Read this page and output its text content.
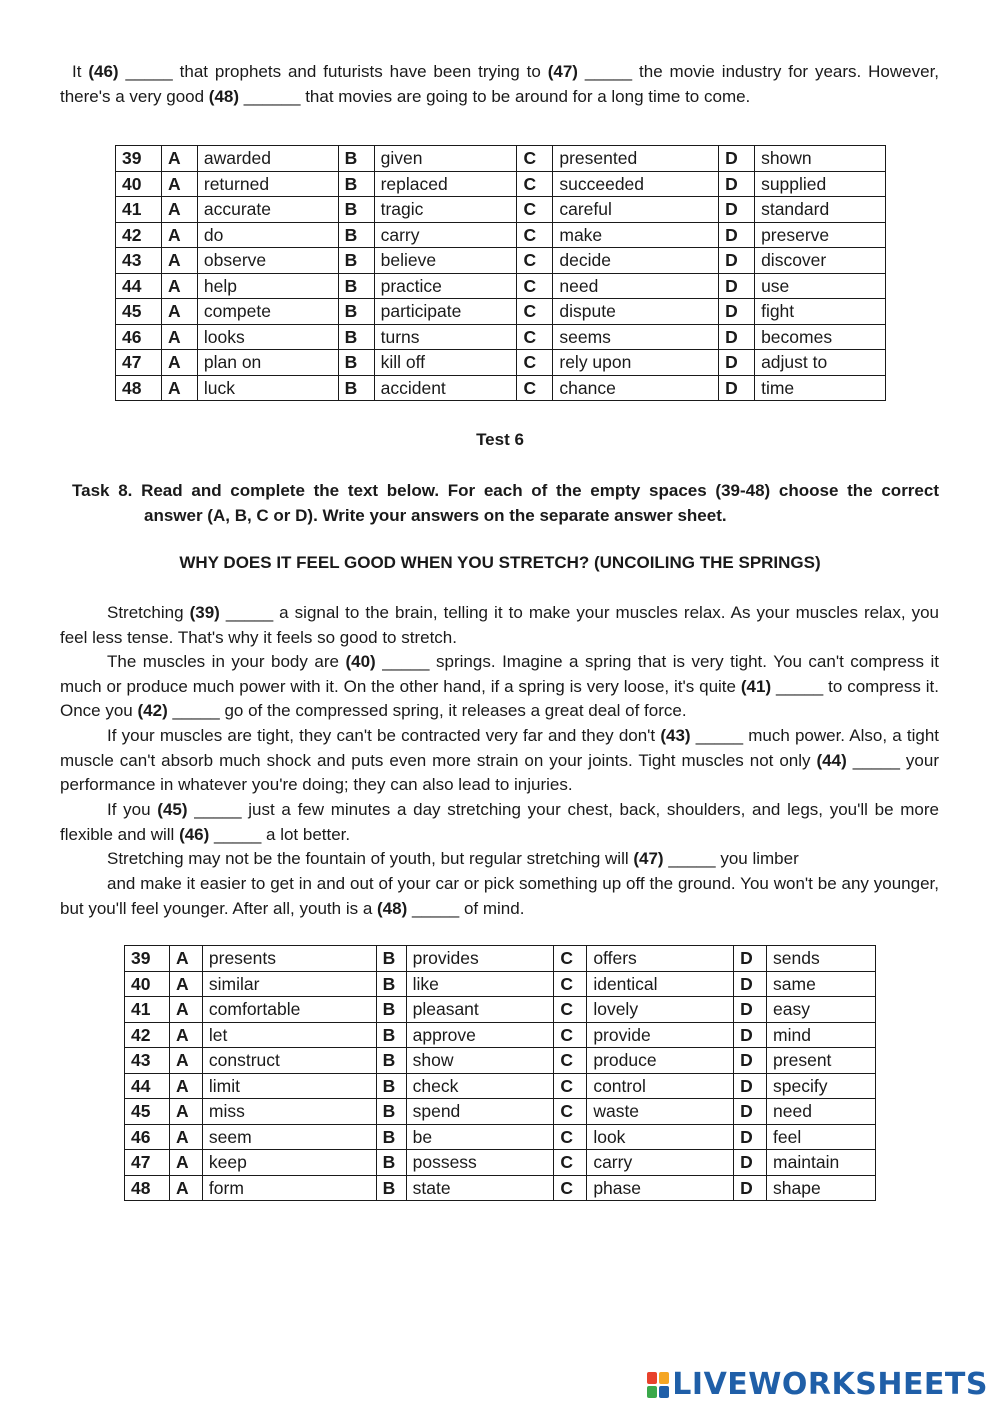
It (46) _____ that prophets and futurists have been trying to (47) _____ the movie industry for years. However, there's a very good (48) ______ that movies are going to be around for a long time to come.

39	A	awarded	B	given	C	presented	D	shown
40	A	returned	B	replaced	C	succeeded	D	supplied
41	A	accurate	B	tragic	C	careful	D	standard
42	A	do	B	carry	C	make	D	preserve
43	A	observe	B	believe	C	decide	D	discover
44	A	help	B	practice	C	need	D	use
45	A	compete	B	participate	C	dispute	D	fight
46	A	looks	B	turns	C	seems	D	becomes
47	A	plan on	B	kill off	C	rely upon	D	adjust to
48	A	luck	B	accident	C	chance	D	time

Test 6

Task 8. Read and complete the text below. For each of the empty spaces (39-48) choose the correct
answer (A, B, C or D). Write your answers on the separate answer sheet.

WHY DOES IT FEEL GOOD WHEN YOU STRETCH? (UNCOILING THE SPRINGS)

Stretching (39) _____ a signal to the brain, telling it to make your muscles relax. As your muscles relax, you feel less tense. That's why it feels so good to stretch.

The muscles in your body are (40) _____ springs. Imagine a spring that is very tight. You can't compress it much or produce much power with it. On the other hand, if a spring is very loose, it's quite (41) _____ to compress it. Once you (42) _____ go of the compressed spring, it releases a great deal of force.

If your muscles are tight, they can't be contracted very far and they don't (43) _____ much power. Also, a tight muscle can't absorb much shock and puts even more strain on your joints. Tight muscles not only (44) _____ your performance in whatever you're doing; they can also lead to injuries.

If you (45) _____ just a few minutes a day stretching your chest, back, shoulders, and legs, you'll be more flexible and will (46) _____ a lot better.

Stretching may not be the fountain of youth, but regular stretching will (47) _____ you limber

and make it easier to get in and out of your car or pick something up off the ground. You won't be any younger, but you'll feel younger. After all, youth is a (48) _____ of mind.

39	A	presents	B	provides	C	offers	D	sends
40	A	similar	B	like	C	identical	D	same
41	A	comfortable	B	pleasant	C	lovely	D	easy
42	A	let	B	approve	C	provide	D	mind
43	A	construct	B	show	C	produce	D	present
44	A	limit	B	check	C	control	D	specify
45	A	miss	B	spend	C	waste	D	need
46	A	seem	B	be	C	look	D	feel
47	A	keep	B	possess	C	carry	D	maintain
48	A	form	B	state	C	phase	D	shape
LIVEWORKSHEETS
